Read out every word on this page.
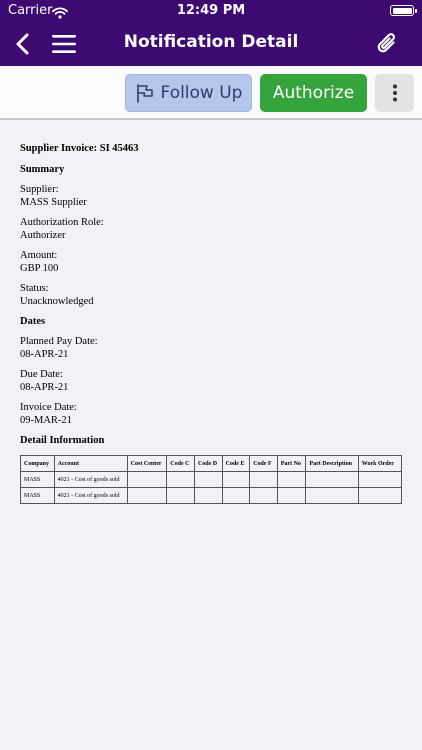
Carrier	12:49 PM
Notification Detail
Follow Up Authorize
Supplier Invoice: SI 45463
Summary
Supplier:
MASS Supplier
Authorization Role:
Authorizer
Amount:
GBP 100
Status:
Unacknowledged
Dates
Planned Pay Date:
08-APR-21
Due Date:
08-APR-21
Invoice Date:
09-MAR-21
Detail Information
Company	Account	Cost Center	Code C	Code D	Code E	Code F	Part No	Part Description	Work Order
MASS	4021 - Cost of goods sold								
MASS	4021 - Cost of goods sold								
